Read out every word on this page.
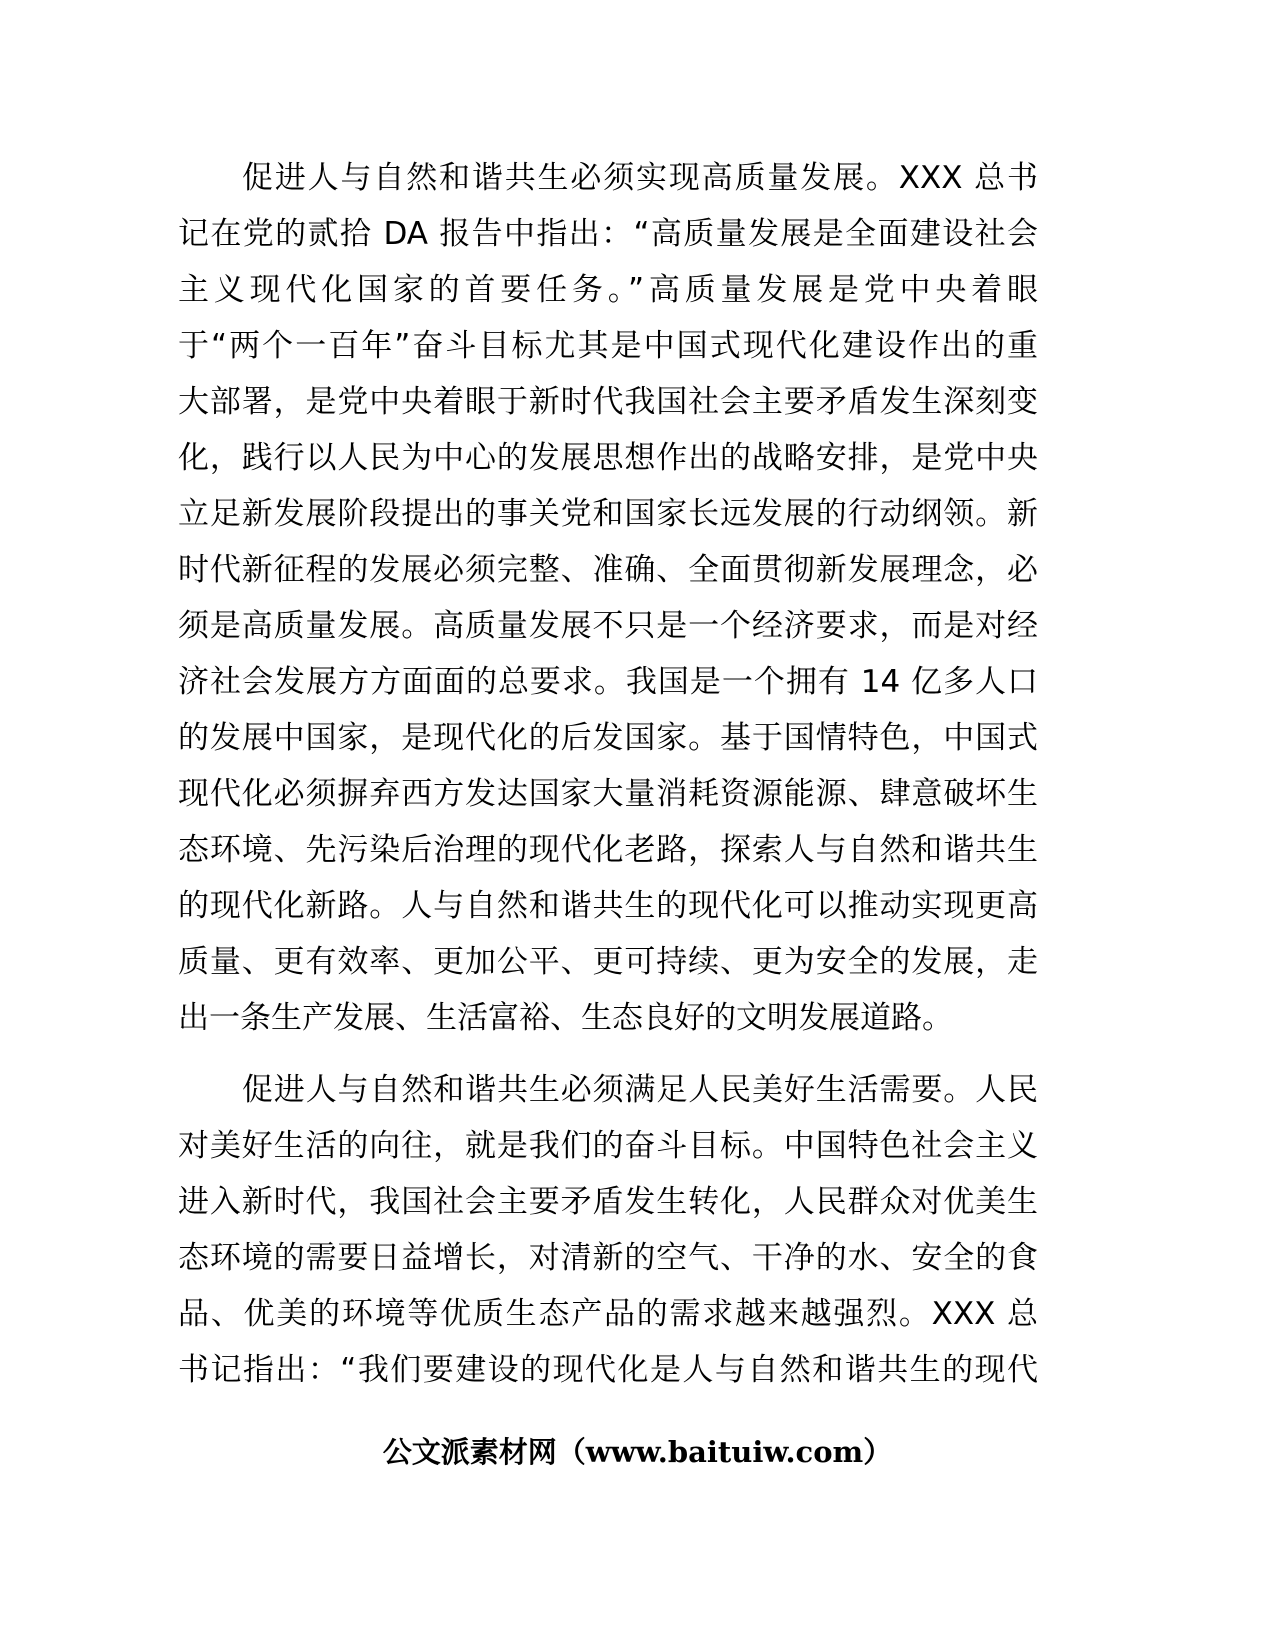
促进人与自然和谐共生必须实现高质量发展。XXX 总书
记在党的贰拾 DA 报告中指出：“高质量发展是全面建设社会
主义现代化国家的首要任务。”高质量发展是党中央着眼
于“两个一百年”奋斗目标尤其是中国式现代化建设作出的重
大部署，是党中央着眼于新时代我国社会主要矛盾发生深刻变
化，践行以人民为中心的发展思想作出的战略安排，是党中央
立足新发展阶段提出的事关党和国家长远发展的行动纲领。新
时代新征程的发展必须完整、准确、全面贯彻新发展理念，必
须是高质量发展。高质量发展不只是一个经济要求，而是对经
济社会发展方方面面的总要求。我国是一个拥有 14 亿多人口
的发展中国家，是现代化的后发国家。基于国情特色，中国式
现代化必须摒弃西方发达国家大量消耗资源能源、肆意破坏生
态环境、先污染后治理的现代化老路，探索人与自然和谐共生
的现代化新路。人与自然和谐共生的现代化可以推动实现更高
质量、更有效率、更加公平、更可持续、更为安全的发展，走
出一条生产发展、生活富裕、生态良好的文明发展道路。
促进人与自然和谐共生必须满足人民美好生活需要。人民
对美好生活的向往，就是我们的奋斗目标。中国特色社会主义
进入新时代，我国社会主要矛盾发生转化，人民群众对优美生
态环境的需要日益增长，对清新的空气、干净的水、安全的食
品、优美的环境等优质生态产品的需求越来越强烈。XXX 总
书记指出：“我们要建设的现代化是人与自然和谐共生的现代
公文派素材网（www.baituiw.com）
